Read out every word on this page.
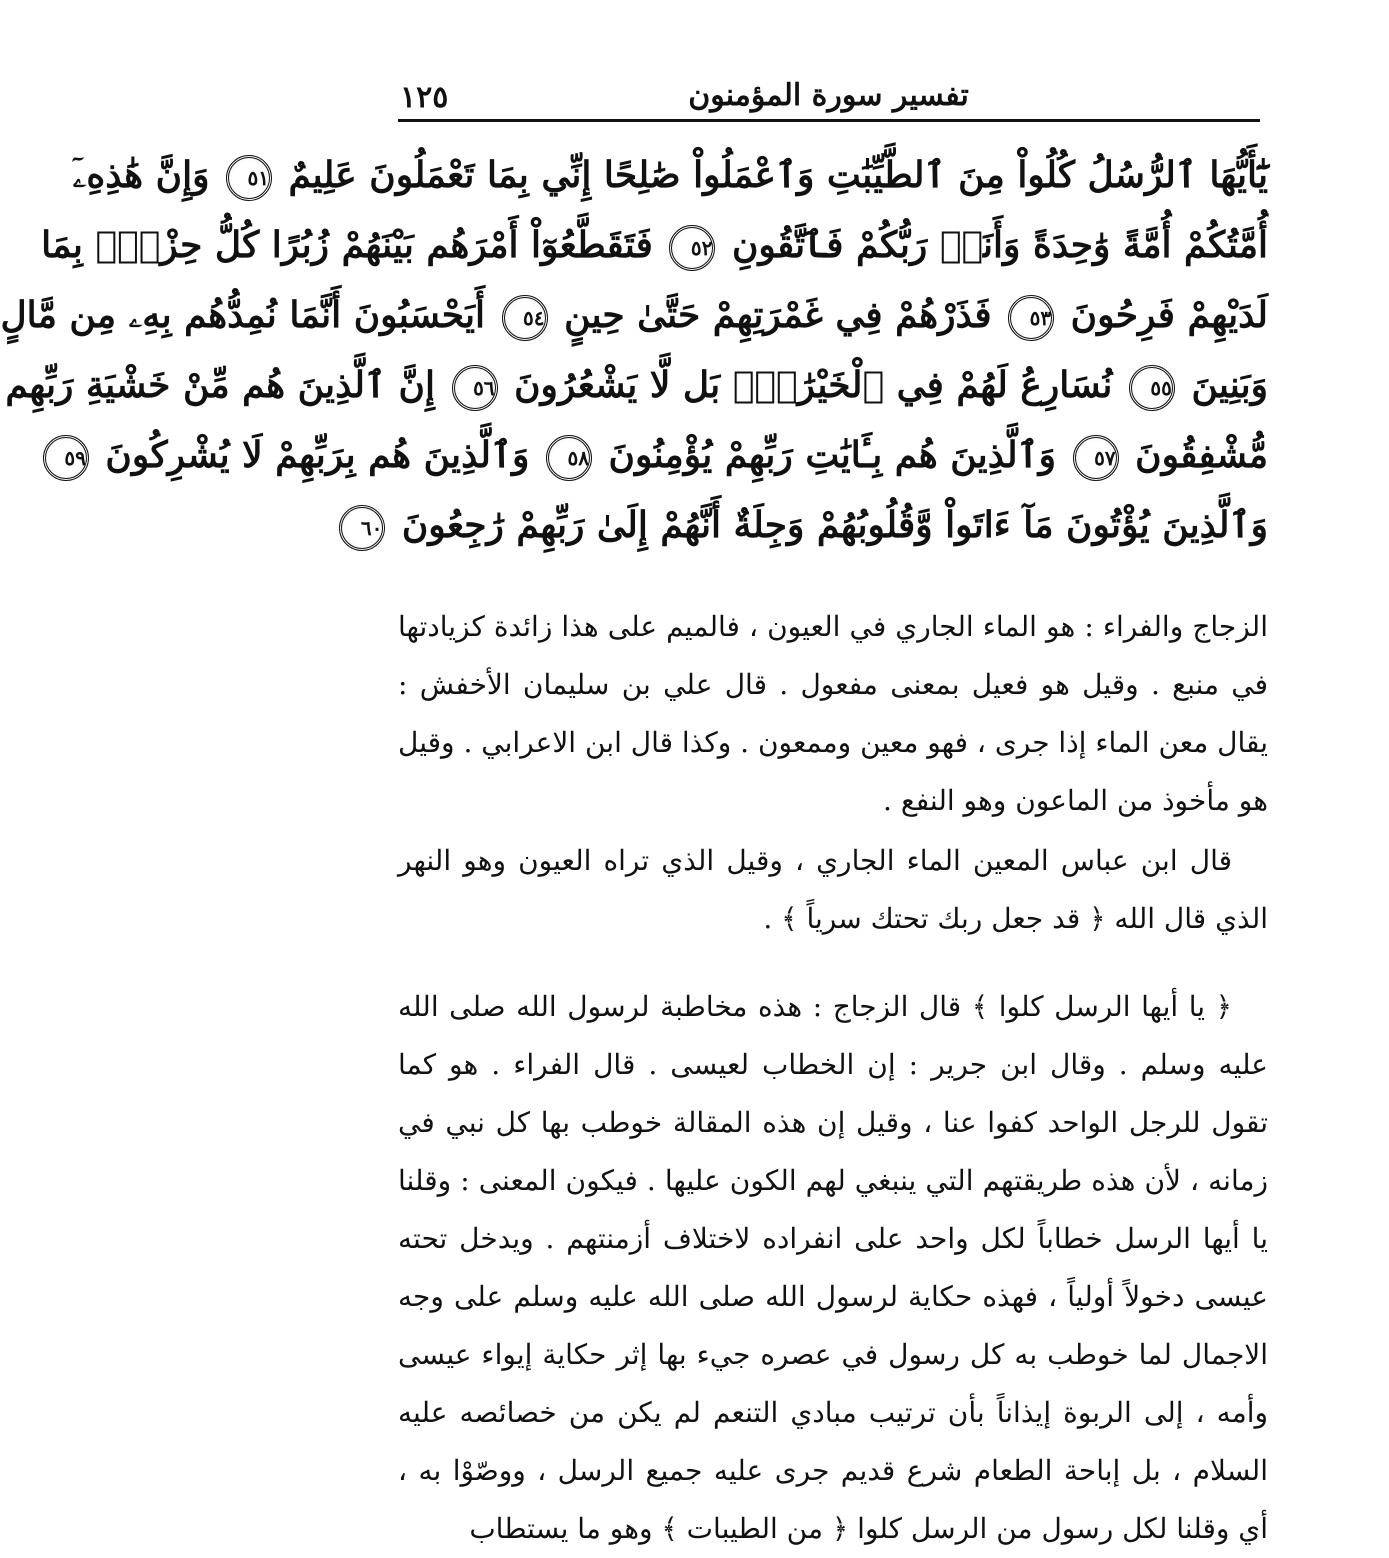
تفسير سورة المؤمنون
١٢٥
يَٰٓأَيُّهَا ٱلرُّسُلُ كُلُواْ مِنَ ٱلطَّيِّبَٰتِ وَٱعْمَلُواْ صَٰلِحًا إِنِّي بِمَا تَعْمَلُونَ عَلِيمٌ ٥١ وَإِنَّ هَٰذِهِۦٓ
أُمَّتُكُمْ أُمَّةً وَٰحِدَةً وَأَنَا۠ رَبُّكُمْ فَٱتَّقُونِ ٥٢ فَتَقَطَّعُوٓاْ أَمْرَهُم بَيْنَهُمْ زُبُرًا كُلُّ حِزْبٍۭ بِمَا
لَدَيْهِمْ فَرِحُونَ ٥٣ فَذَرْهُمْ فِي غَمْرَتِهِمْ حَتَّىٰ حِينٍ ٥٤ أَيَحْسَبُونَ أَنَّمَا نُمِدُّهُم بِهِۦ مِن مَّالٍ
وَبَنِينَ ٥٥ نُسَارِعُ لَهُمْ فِي ٱلْخَيْرَٰتِۚ بَل لَّا يَشْعُرُونَ ٥٦ إِنَّ ٱلَّذِينَ هُم مِّنْ خَشْيَةِ رَبِّهِم
مُّشْفِقُونَ ٥٧ وَٱلَّذِينَ هُم بِـَٔايَٰتِ رَبِّهِمْ يُؤْمِنُونَ ٥٨ وَٱلَّذِينَ هُم بِرَبِّهِمْ لَا يُشْرِكُونَ ٥٩
وَٱلَّذِينَ يُؤْتُونَ مَآ ءَاتَواْ وَّقُلُوبُهُمْ وَجِلَةٌ أَنَّهُمْ إِلَىٰ رَبِّهِمْ رَٰجِعُونَ ٦٠

الزجاج والفراء : هو الماء الجاري في العيون ، فالميم على هذا زائدة كزيادتها في منبع . وقيل هو فعيل بمعنى مفعول . قال علي بن سليمان الأخفش : يقال معن الماء إذا جرى ، فهو معين وممعون . وكذا قال ابن الاعرابي . وقيل هو مأخوذ من الماعون وهو النفع .

قال ابن عباس المعين الماء الجاري ، وقيل الذي تراه العيون وهو النهر الذي قال الله ﴿ قد جعل ربك تحتك سرياً ﴾ .

﴿ يا أيها الرسل كلوا ﴾ قال الزجاج : هذه مخاطبة لرسول الله صلى الله عليه وسلم . وقال ابن جرير : إن الخطاب لعيسى . قال الفراء . هو كما تقول للرجل الواحد كفوا عنا ، وقيل إن هذه المقالة خوطب بها كل نبي في زمانه ، لأن هذه طريقتهم التي ينبغي لهم الكون عليها . فيكون المعنى : وقلنا يا أيها الرسل خطاباً لكل واحد على انفراده لاختلاف أزمنتهم . ويدخل تحته عيسى دخولاً أولياً ، فهذه حكاية لرسول الله صلى الله عليه وسلم على وجه الاجمال لما خوطب به كل رسول في عصره جيء بها إثر حكاية إيواء عيسى وأمه ، إلى الربوة إيذاناً بأن ترتيب مبادي التنعم لم يكن من خصائصه عليه السلام ، بل إباحة الطعام شرع قديم جرى عليه جميع الرسل ، ووصّوْا به ، أي وقلنا لكل رسول من الرسل كلوا ﴿ من الطيبات ﴾ وهو ما يستطاب
